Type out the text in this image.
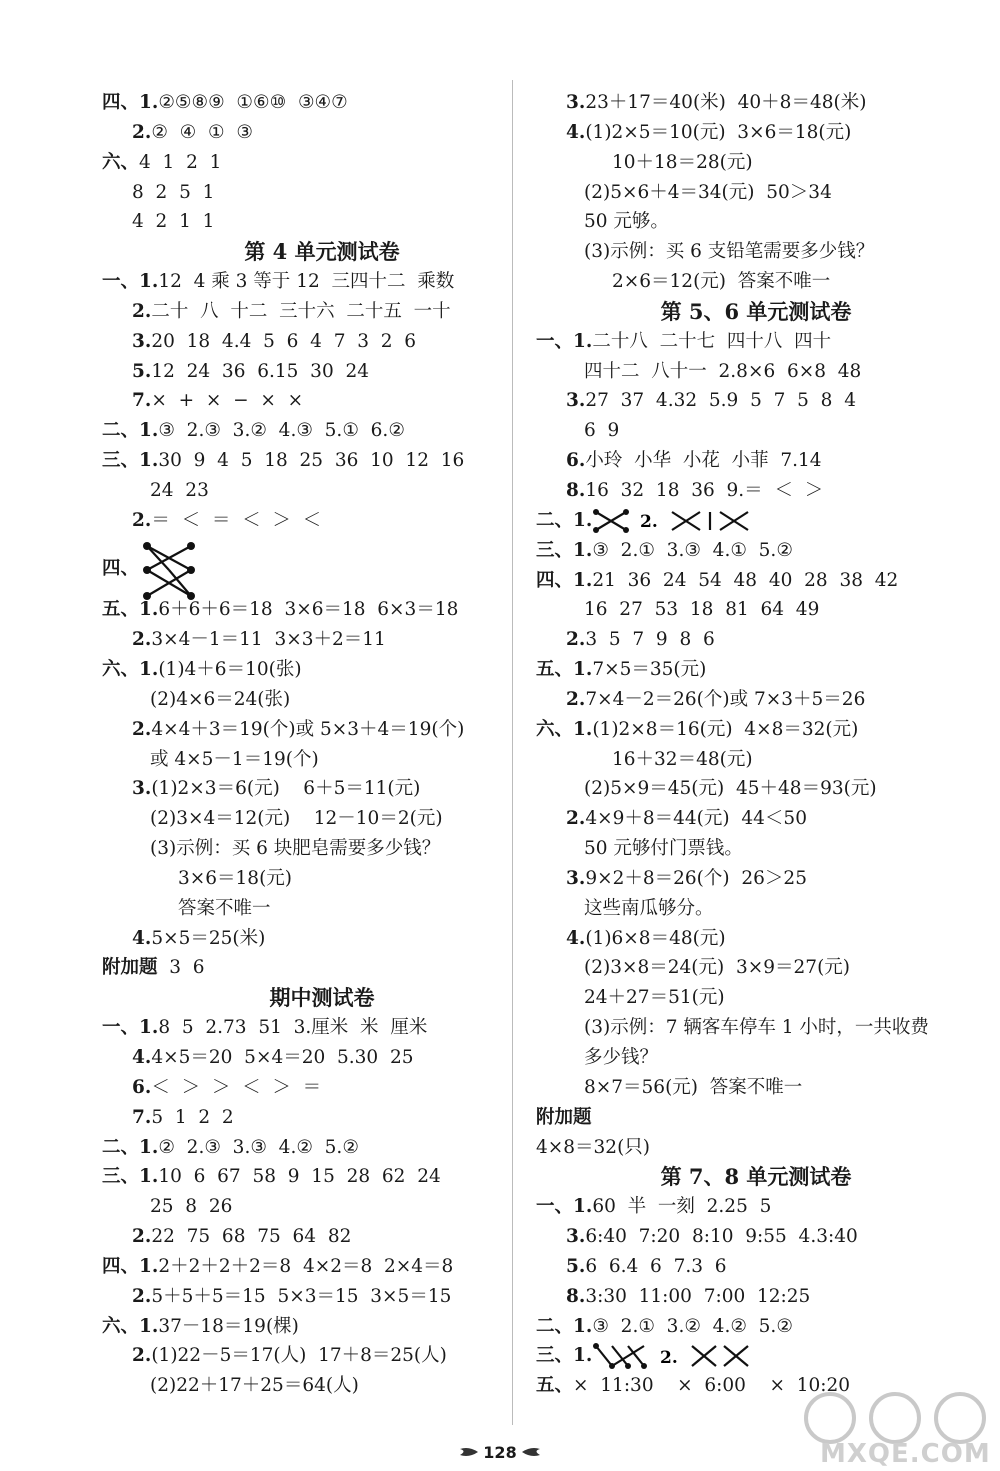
四、1.②⑤⑧⑨  ①⑥⑩  ③④⑦
2.②  ④  ①  ③
六、4  1  2  1
8  2  5  1
4  2  1  1
第 4 单元测试卷
一、1.12  4 乘 3 等于 12  三四十二  乘数
2.二十  八  十二  三十六  二十五  一十
3.20  18  4.4  5  6  4  7  3  2  6
5.12  24  36  6.15  30  24
7.×  +  ×  −  ×  ×
二、1.③  2.③  3.②  4.③  5.①  6.②
三、1.30  9  4  5  18  25  36  10  12  16
24  23
2.＝  ＜  ＝  ＜  ＞  ＜
四、
五、1.6＋6＋6＝18  3×6＝18  6×3＝18
2.3×4－1＝11  3×3＋2＝11
六、1.(1)4＋6＝10(张)
(2)4×6＝24(张)
2.4×4＋3＝19(个)或 5×3＋4＝19(个)
或 4×5－1＝19(个)
3.(1)2×3＝6(元)    6＋5＝11(元)
(2)3×4＝12(元)    12－10＝2(元)
(3)示例：买 6 块肥皂需要多少钱？
3×6＝18(元)
答案不唯一
4.5×5＝25(米)
附加题  3  6
期中测试卷
一、1.8  5  2.73  51  3.厘米  米  厘米
4.4×5＝20  5×4＝20  5.30  25
6.＜  ＞  ＞  ＜  ＞  ＝
7.5  1  2  2
二、1.②  2.③  3.③  4.②  5.②
三、1.10  6  67  58  9  15  28  62  24
25  8  26
2.22  75  68  75  64  82
四、1.2＋2＋2＋2＝8  4×2＝8  2×4＝8
2.5＋5＋5＝15  5×3＝15  3×5＝15
六、1.37－18＝19(棵)
2.(1)22－5＝17(人)  17＋8＝25(人)
(2)22＋17＋25＝64(人)
3.23＋17＝40(米)  40＋8＝48(米)
4.(1)2×5＝10(元)  3×6＝18(元)
10＋18＝28(元)
(2)5×6＋4＝34(元)  50＞34
50 元够。
(3)示例：买 6 支铅笔需要多少钱？
2×6＝12(元)  答案不唯一
第 5、6 单元测试卷
一、1.二十八  二十七  四十八  四十
四十二  八十一  2.8×6  6×8  48
3.27  37  4.32  5.9  5  7  5  8  4
6  9
6.小玲  小华  小花  小菲  7.14
8.16  32  18  36  9.＝  ＜  ＞
二、1.	2.
三、1.③  2.①  3.③  4.①  5.②
四、1.21  36  24  54  48  40  28  38  42
16  27  53  18  81  64  49
2.3  5  7  9  8  6
五、1.7×5＝35(元)
2.7×4－2＝26(个)或 7×3＋5＝26
六、1.(1)2×8＝16(元)  4×8＝32(元)
16＋32＝48(元)
(2)5×9＝45(元)  45＋48＝93(元)
2.4×9＋8＝44(元)  44＜50
50 元够付门票钱。
3.9×2＋8＝26(个)  26＞25
这些南瓜够分。
4.(1)6×8＝48(元)
(2)3×8＝24(元)  3×9＝27(元)
24＋27＝51(元)
(3)示例：7 辆客车停车 1 小时，一共收费
多少钱？
8×7＝56(元)  答案不唯一
附加题
4×8＝32(只)
第 7、8 单元测试卷
一、1.60  半  一刻  2.25  5
3.6:40  7:20  8:10  9:55  4.3:40
5.6  6.4  6  7.3  6
8.3:30  11:00  7:00  12:25
二、1.③  2.①  3.②  4.②  5.②
三、1.	2.
五、×  11:30    ×  6:00    ×  10:20
128	MXQE.COM
